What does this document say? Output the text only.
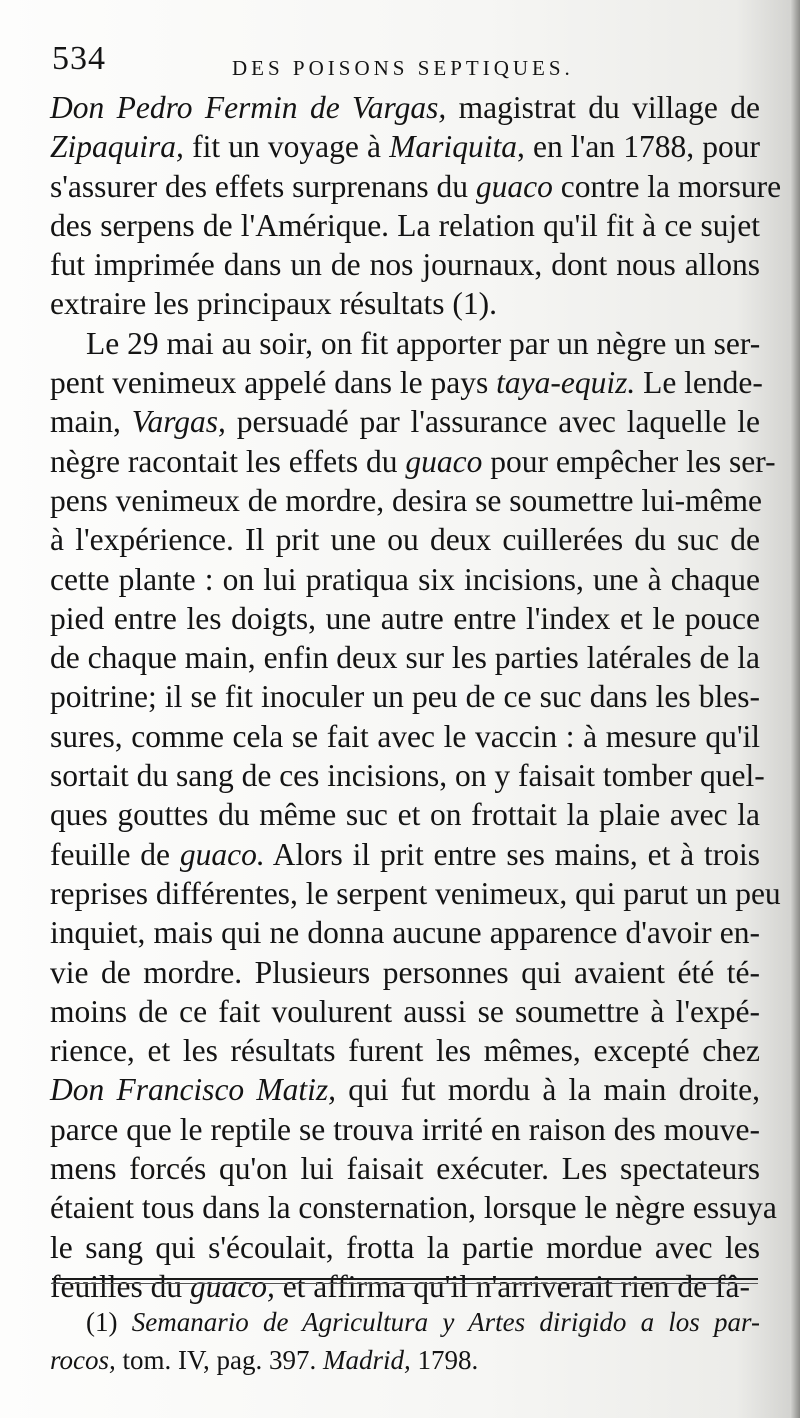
534	DES POISONS SEPTIQUES.
Don Pedro Fermin de Vargas, magistrat du village de
Zipaquira, fit un voyage à Mariquita, en l'an 1788, pour
s'assurer des effets surprenans du guaco contre la morsure
des serpens de l'Amérique. La relation qu'il fit à ce sujet
fut imprimée dans un de nos journaux, dont nous allons
extraire les principaux résultats (1).
Le 29 mai au soir, on fit apporter par un nègre un ser-
pent venimeux appelé dans le pays taya-equiz. Le lende-
main, Vargas, persuadé par l'assurance avec laquelle le
nègre racontait les effets du guaco pour empêcher les ser-
pens venimeux de mordre, desira se soumettre lui-même
à l'expérience. Il prit une ou deux cuillerées du suc de
cette plante : on lui pratiqua six incisions, une à chaque
pied entre les doigts, une autre entre l'index et le pouce
de chaque main, enfin deux sur les parties latérales de la
poitrine; il se fit inoculer un peu de ce suc dans les bles-
sures, comme cela se fait avec le vaccin : à mesure qu'il
sortait du sang de ces incisions, on y faisait tomber quel-
ques gouttes du même suc et on frottait la plaie avec la
feuille de guaco. Alors il prit entre ses mains, et à trois
reprises différentes, le serpent venimeux, qui parut un peu
inquiet, mais qui ne donna aucune apparence d'avoir en-
vie de mordre. Plusieurs personnes qui avaient été té-
moins de ce fait voulurent aussi se soumettre à l'expé-
rience, et les résultats furent les mêmes, excepté chez
Don Francisco Matiz, qui fut mordu à la main droite,
parce que le reptile se trouva irrité en raison des mouve-
mens forcés qu'on lui faisait exécuter. Les spectateurs
étaient tous dans la consternation, lorsque le nègre essuya
le sang qui s'écoulait, frotta la partie mordue avec les
feuilles du guaco, et affirma qu'il n'arriverait rien de fâ-
(1) Semanario de Agricultura y Artes dirigido a los par-
rocos, tom. IV, pag. 397. Madrid, 1798.
